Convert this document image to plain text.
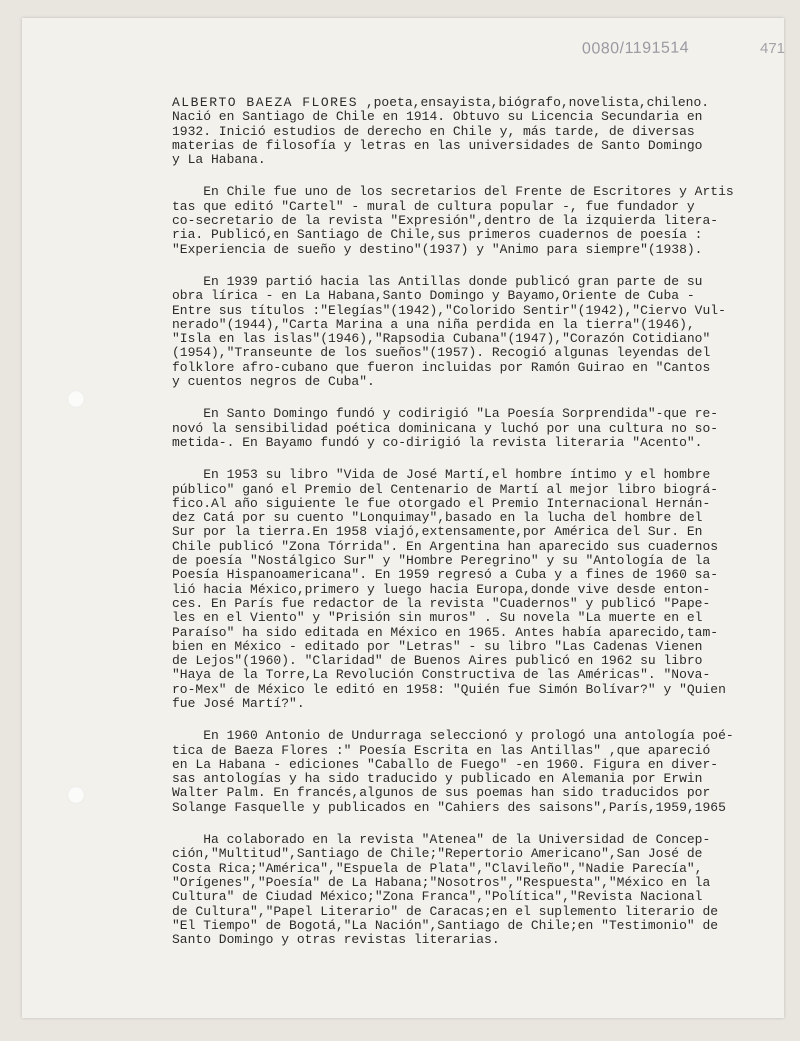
0080/1191514	471
ALBERTO BAEZA FLORES ,poeta,ensayista,biógrafo,novelista,chileno.
Nació en Santiago de Chile en 1914. Obtuvo su Licencia Secundaria en
1932. Inició estudios de derecho en Chile y, más tarde, de diversas
materias de filosofía y letras en las universidades de Santo Domingo
y La Habana.
En Chile fue uno de los secretarios del Frente de Escritores y Artis
tas que editó "Cartel" - mural de cultura popular -, fue fundador y
co-secretario de la revista "Expresión",dentro de la izquierda litera-
ria. Publicó,en Santiago de Chile,sus primeros cuadernos de poesía :
"Experiencia de sueño y destino"(1937) y "Animo para siempre"(1938).
En 1939 partió hacia las Antillas donde publicó gran parte de su
obra lírica - en La Habana,Santo Domingo y Bayamo,Oriente de Cuba -
Entre sus títulos :"Elegías"(1942),"Colorido Sentir"(1942),"Ciervo Vul-
nerado"(1944),"Carta Marina a una niña perdida en la tierra"(1946),
"Isla en las islas"(1946),"Rapsodia Cubana"(1947),"Corazón Cotidiano"
(1954),"Transeunte de los sueños"(1957). Recogió algunas leyendas del
folklore afro-cubano que fueron incluidas por Ramón Guirao en "Cantos
y cuentos negros de Cuba".
En Santo Domingo fundó y codirigió "La Poesía Sorprendida"-que re-
novó la sensibilidad poética dominicana y luchó por una cultura no so-
metida-. En Bayamo fundó y co-dirigió la revista literaria "Acento".
En 1953 su libro "Vida de José Martí,el hombre íntimo y el hombre
público" ganó el Premio del Centenario de Martí al mejor libro biográ-
fico.Al año siguiente le fue otorgado el Premio Internacional Hernán-
dez Catá por su cuento "Lonquimay",basado en la lucha del hombre del
Sur por la tierra.En 1958 viajó,extensamente,por América del Sur. En
Chile publicó "Zona Tórrida". En Argentina han aparecido sus cuadernos
de poesía "Nostálgico Sur" y "Hombre Peregrino" y su "Antología de la
Poesía Hispanoamericana". En 1959 regresó a Cuba y a fines de 1960 sa-
lió hacia México,primero y luego hacia Europa,donde vive desde enton-
ces. En París fue redactor de la revista "Cuadernos" y publicó "Pape-
les en el Viento" y "Prisión sin muros" . Su novela "La muerte en el
Paraíso" ha sido editada en México en 1965. Antes había aparecido,tam-
bien en México - editado por "Letras" - su libro "Las Cadenas Vienen
de Lejos"(1960). "Claridad" de Buenos Aires publicó en 1962 su libro
"Haya de la Torre,La Revolución Constructiva de las Américas". "Nova-
ro-Mex" de México le editó en 1958: "Quién fue Simón Bolívar?" y "Quien
fue José Martí?".
En 1960 Antonio de Undurraga seleccionó y prologó una antología poé-
tica de Baeza Flores :" Poesía Escrita en las Antillas" ,que apareció
en La Habana - ediciones "Caballo de Fuego" -en 1960. Figura en diver-
sas antologías y ha sido traducido y publicado en Alemania por Erwin
Walter Palm. En francés,algunos de sus poemas han sido traducidos por
Solange Fasquelle y publicados en "Cahiers des saisons",París,1959,1965
Ha colaborado en la revista "Atenea" de la Universidad de Concep-
ción,"Multitud",Santiago de Chile;"Repertorio Americano",San José de
Costa Rica;"América","Espuela de Plata","Clavileño","Nadie Parecía",
"Orígenes","Poesía" de La Habana;"Nosotros","Respuesta","México en la
Cultura" de Ciudad México;"Zona Franca","Política","Revista Nacional
de Cultura","Papel Literario" de Caracas;en el suplemento literario de
"El Tiempo" de Bogotá,"La Nación",Santiago de Chile;en "Testimonio" de
Santo Domingo y otras revistas literarias.
